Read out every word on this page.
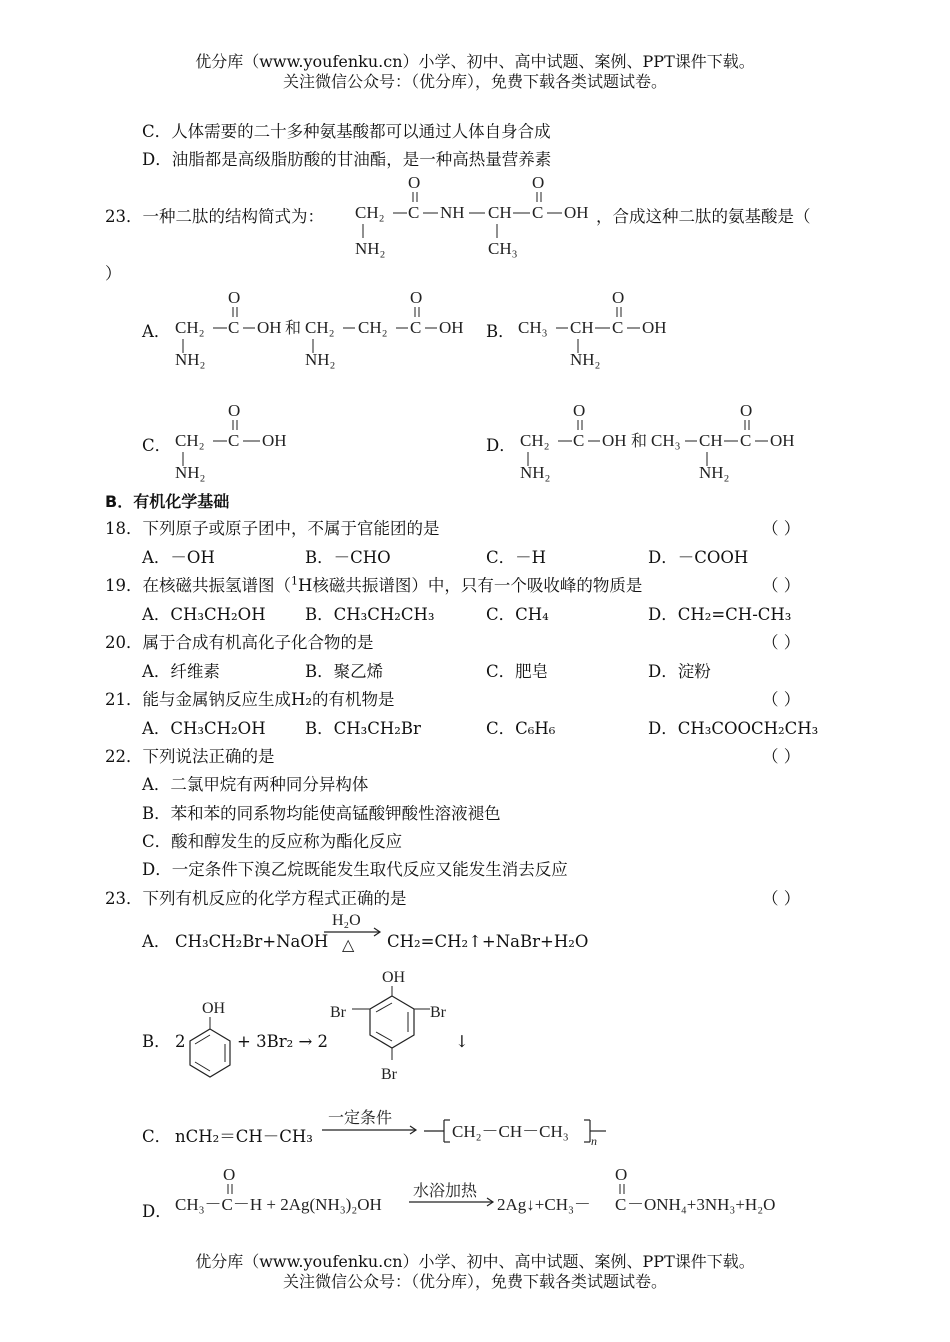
优分库（www.youfenku.cn）小学、初中、高中试题、案例、PPT课件下载。
关注微信公众号：（优分库），免费下载各类试题试卷。
C．人体需要的二十多种氨基酸都可以通过人体自身合成
D．油脂都是高级脂肪酸的甘油酯，是一种高热量营养素
23．一种二肽的结构简式为： CH₂
NH₂
C
O
NH CH
CH₃
C
O
OH ，合成这种二肽的氨基酸是（
）
A． CH₂
NH₂
C
O
OH 和 CH₂
NH₂
CH₂ C
O
OH B． CH₃ CH
NH₂
C
O
OH
C． CH₂
NH₂
C
O
OH	D． CH₂
NH₂
C
O
OH 和 CH₃ CH
NH₂
C
O
OH
B．有机化学基础
18．下列原子或原子团中，不属于官能团的是	（ ）
A．－OH	B．－CHO	C．－H	D．－COOH
19．在核磁共振氢谱图（$^1$H核磁共振谱图）中，只有一个吸收峰的物质是	（ ）
A．CH₃CH₂OH B．CH₃CH₂CH₃	C．CH₄	D．CH₂=CH-CH₃
20．属于合成有机高化子化合物的是	（ ）
A．纤维素	B．聚乙烯	C．肥皂	D．淀粉
21．能与金属钠反应生成H₂的有机物是	（ ）
A．CH₃CH₂OH B．CH₃CH₂Br	C．C₆H₆	D．CH₃COOCH₂CH₃
22．下列说法正确的是	（ ）
A．二氯甲烷有两种同分异构体
B．苯和苯的同系物均能使高锰酸钾酸性溶液褪色
C．酸和醇发生的反应称为酯化反应
D．一定条件下溴乙烷既能发生取代反应又能发生消去反应
23．下列有机反应的化学方程式正确的是	（ ）
A． CH₃CH₂Br+NaOH
H₂O
△ CH₂=CH₂↑+NaBr+H₂O
B． 2
OH
+ 3Br₂ → 2
OH
Br	Br
Br
↓
C． nCH₂＝CH－CH₃
一定条件
CH₂－CH－CH₃ n
D． CH₃－C－H + 2Ag(NH₃)₂OH
O
水浴加热
2Ag↓+CH₃－ C
O
－ONH₄+3NH₃+H₂O
优分库（www.youfenku.cn）小学、初中、高中试题、案例、PPT课件下载。
关注微信公众号：（优分库），免费下载各类试题试卷。
